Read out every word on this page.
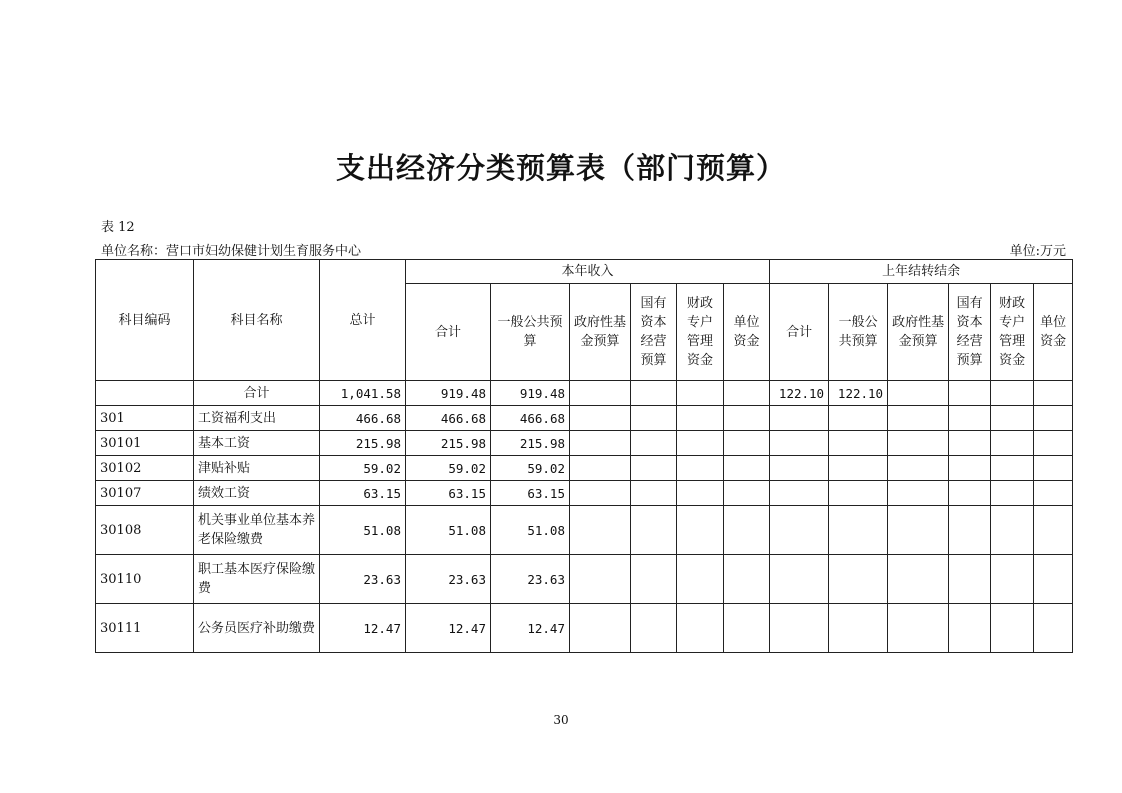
支出经济分类预算表（部门预算）
表 12
单位名称：营口市妇幼保健计划生育服务中心	单位:万元
科目编码	科目名称	总计	本年收入						上年结转结余					
			合计	一般公共预算	政府性基金预算	国有资本经营预算	财政专户管理资金	单位资金	合计	一般公共预算	政府性基金预算	国有资本经营预算	财政专户管理资金	单位资金
	合计	1,041.58	919.48	919.48					122.10	122.10				
301	工资福利支出	466.68	466.68	466.68										
30101	基本工资	215.98	215.98	215.98										
30102	津贴补贴	59.02	59.02	59.02										
30107	绩效工资	63.15	63.15	63.15										
30108	机关事业单位基本养老保险缴费	51.08	51.08	51.08										
30110	职工基本医疗保险缴费	23.63	23.63	23.63										
30111	公务员医疗补助缴费	12.47	12.47	12.47										
30
